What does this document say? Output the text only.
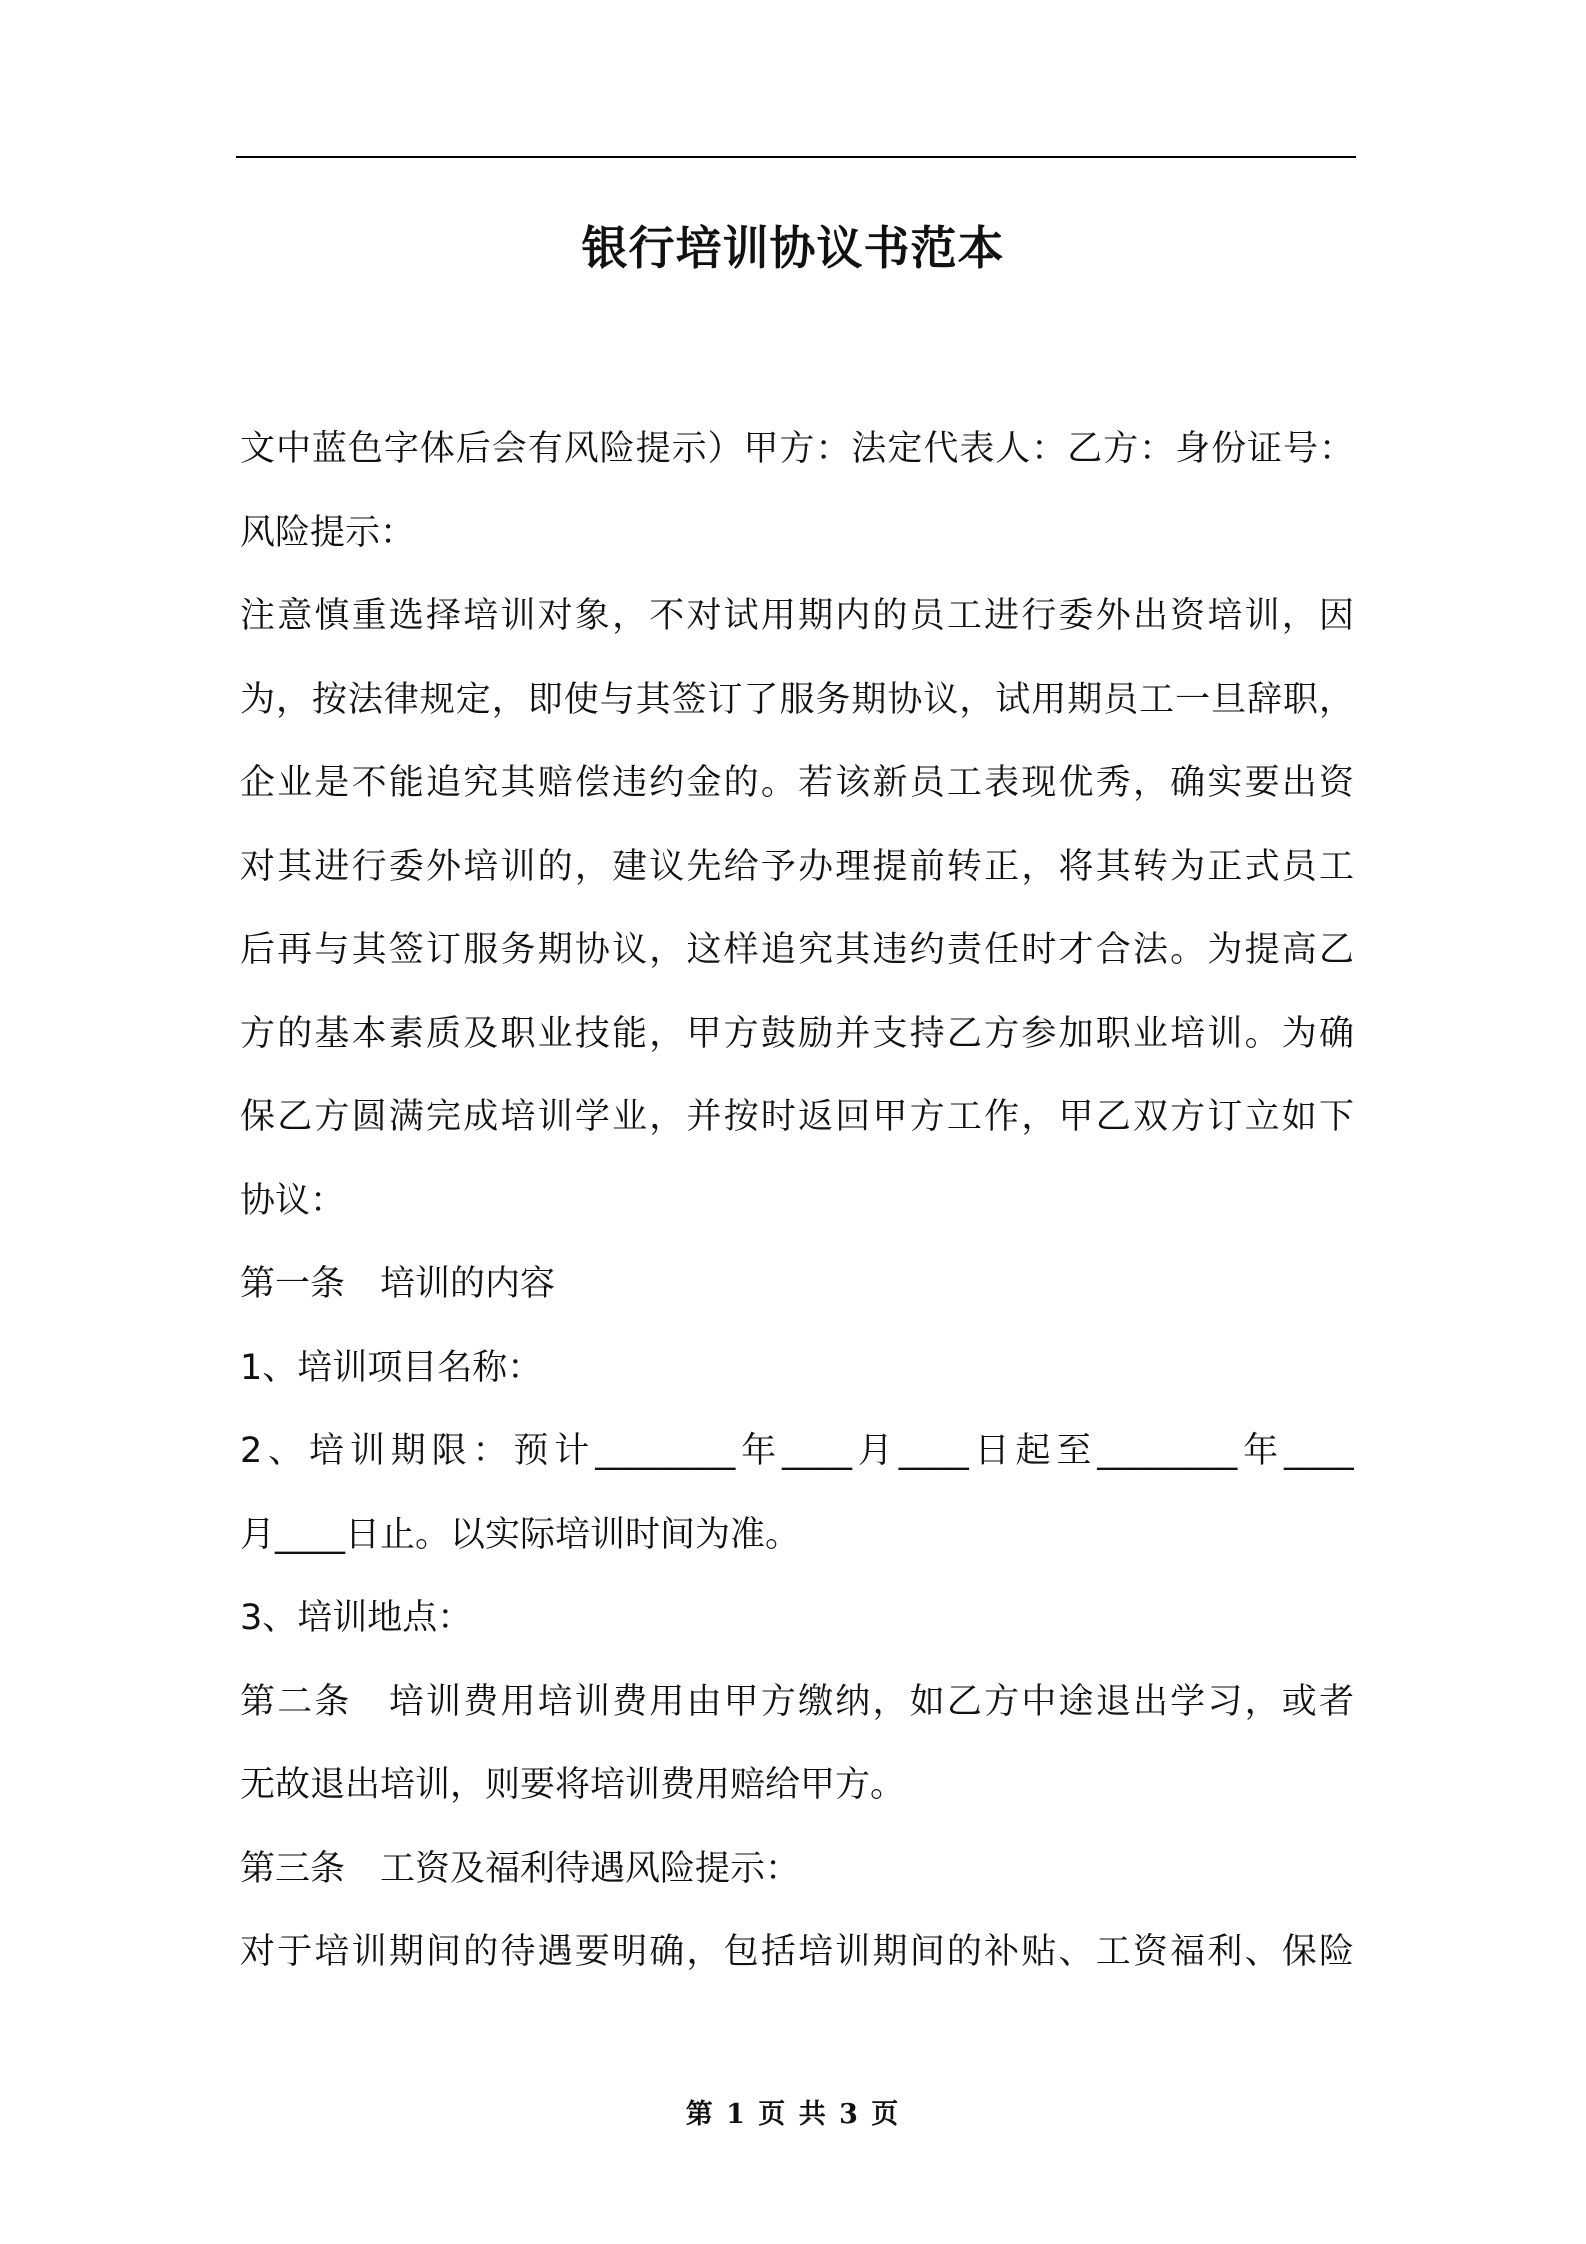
银行培训协议书范本
文中蓝色字体后会有风险提示）甲方：法定代表人：乙方：身份证号：
风险提示：
注意慎重选择培训对象，不对试用期内的员工进行委外出资培训，因
为，按法律规定，即使与其签订了服务期协议，试用期员工一旦辞职，
企业是不能追究其赔偿违约金的。若该新员工表现优秀，确实要出资
对其进行委外培训的，建议先给予办理提前转正，将其转为正式员工
后再与其签订服务期协议，这样追究其违约责任时才合法。为提高乙
方的基本素质及职业技能，甲方鼓励并支持乙方参加职业培训。为确
保乙方圆满完成培训学业，并按时返回甲方工作，甲乙双方订立如下
协议：
第一条　培训的内容
1、培训项目名称：
2、培训期限：预计________年____月____日起至________年____
月____日止。以实际培训时间为准。
3、培训地点：
第二条　培训费用培训费用由甲方缴纳，如乙方中途退出学习，或者
无故退出培训，则要将培训费用赔给甲方。
第三条　工资及福利待遇风险提示：
对于培训期间的待遇要明确，包括培训期间的补贴、工资福利、保险
第 1 页 共 3 页
